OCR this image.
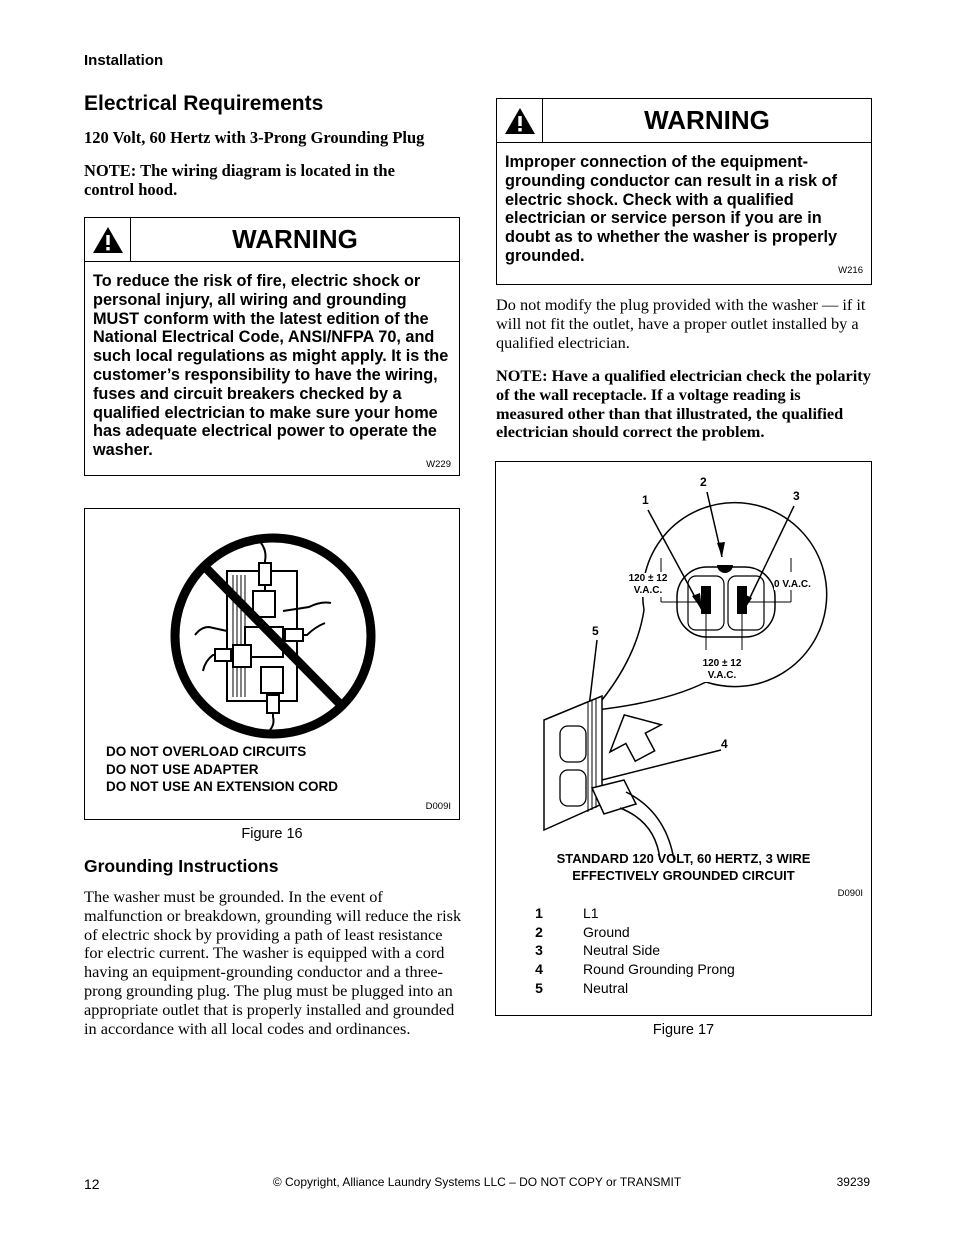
Installation
Electrical Requirements
120 Volt, 60 Hertz with 3-Prong Grounding Plug
NOTE: The wiring diagram is located in the control hood.
WARNING
To reduce the risk of fire, electric shock or personal injury, all wiring and grounding MUST conform with the latest edition of the National Electrical Code, ANSI/NFPA 70, and such local regulations as might apply. It is the customer’s responsibility to have the wiring, fuses and circuit breakers checked by a qualified electrician to make sure your home has adequate electrical power to operate the washer.
W229
DO NOT OVERLOAD CIRCUITS
DO NOT USE ADAPTER
DO NOT USE AN EXTENSION CORD
D009I
Figure 16
Grounding Instructions
The washer must be grounded. In the event of malfunction or breakdown, grounding will reduce the risk of electric shock by providing a path of least resistance for electric current. The washer is equipped with a cord having an equipment-grounding conductor and a three-prong grounding plug. The plug must be plugged into an appropriate outlet that is properly installed and grounded in accordance with all local codes and ordinances.
WARNING
Improper connection of the equipment-grounding conductor can result in a risk of electric shock. Check with a qualified electrician or service person if you are in doubt as to whether the washer is properly grounded.
W216
Do not modify the plug provided with the washer — if it will not fit the outlet, have a proper outlet installed by a qualified electrician.
NOTE: Have a qualified electrician check the polarity of the wall receptacle. If a voltage reading is measured other than that illustrated, the qualified electrician should correct the problem.
1
2
3
4
5
120 ± 12
V.A.C.
0 V.A.C.
120 ± 12
V.A.C.
STANDARD 120 VOLT, 60 HERTZ, 3 WIRE
EFFECTIVELY GROUNDED CIRCUIT
D090I
1	L1
2	Ground
3	Neutral Side
4	Round Grounding Prong
5	Neutral
Figure 17
12	© Copyright, Alliance Laundry Systems LLC – DO NOT COPY or TRANSMIT	39239
